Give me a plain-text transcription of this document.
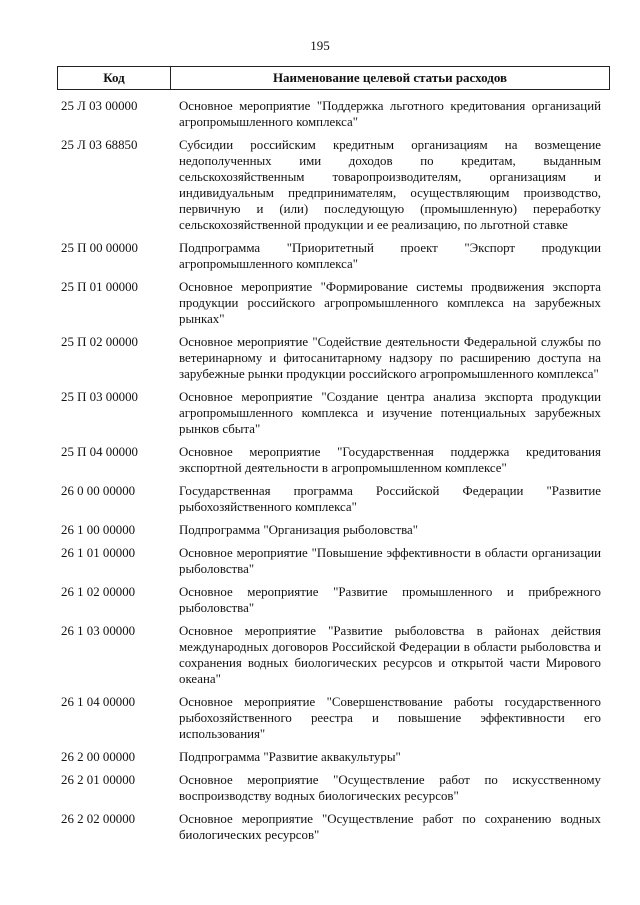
195
Код	Наименование целевой статьи расходов
25 Л 03 00000	Основное мероприятие "Поддержка льготного кредитования организаций агропромышленного комплекса"
25 Л 03 68850	Субсидии российским кредитным организациям на возмещение недополученных ими доходов по кредитам, выданным сельскохозяйственным товаропроизводителям, организациям и индивидуальным предпринимателям, осуществляющим производство, первичную и (или) последующую (промышленную) переработку сельскохозяйственной продукции и ее реализацию, по льготной ставке
25 П 00 00000	Подпрограмма "Приоритетный проект "Экспорт продукции агропромышленного комплекса"
25 П 01 00000	Основное мероприятие "Формирование системы продвижения экспорта продукции российского агропромышленного комплекса на зарубежных рынках"
25 П 02 00000	Основное мероприятие "Содействие деятельности Федеральной службы по ветеринарному и фитосанитарному надзору по расширению доступа на зарубежные рынки продукции российского агропромышленного комплекса"
25 П 03 00000	Основное мероприятие "Создание центра анализа экспорта продукции агропромышленного комплекса и изучение потенциальных зарубежных рынков сбыта"
25 П 04 00000	Основное мероприятие "Государственная поддержка кредитования экспортной деятельности в агропромышленном комплексе"
26 0 00 00000	Государственная программа Российской Федерации "Развитие рыбохозяйственного комплекса"
26 1 00 00000	Подпрограмма "Организация рыболовства"
26 1 01 00000	Основное мероприятие "Повышение эффективности в области организации рыболовства"
26 1 02 00000	Основное мероприятие "Развитие промышленного и прибрежного рыболовства"
26 1 03 00000	Основное мероприятие "Развитие рыболовства в районах действия международных договоров Российской Федерации в области рыболовства и сохранения водных биологических ресурсов и открытой части Мирового океана"
26 1 04 00000	Основное мероприятие "Совершенствование работы государственного рыбохозяйственного реестра и повышение эффективности его использования"
26 2 00 00000	Подпрограмма "Развитие аквакультуры"
26 2 01 00000	Основное мероприятие "Осуществление работ по искусственному воспроизводству водных биологических ресурсов"
26 2 02 00000	Основное мероприятие "Осуществление работ по сохранению водных биологических ресурсов"
